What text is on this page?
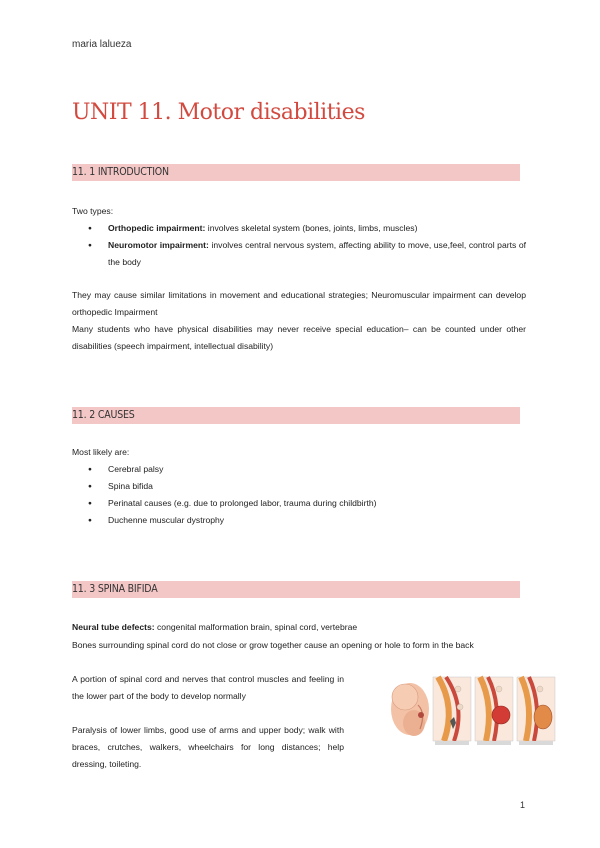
maria lalueza
UNIT 11. Motor disabilities
11. 1 INTRODUCTION
Two types:
● Orthopedic impairment: involves skeletal system (bones, joints, limbs, muscles)
● Neuromotor impairment: involves central nervous system, affecting ability to move, use,feel, control parts of the body
They may cause similar limitations in movement and educational strategies; Neuromuscular impairment can develop orthopedic Impairment
Many students who have physical disabilities may never receive special education– can be counted under other disabilities (speech impairment, intellectual disability)
11. 2 CAUSES
Most likely are:
● Cerebral palsy
● Spina bifida
● Perinatal causes (e.g. due to prolonged labor, trauma during childbirth)
● Duchenne muscular dystrophy
11. 3 SPINA BIFIDA
Neural tube defects: congenital malformation brain, spinal cord, vertebrae
Bones surrounding spinal cord do not close or grow together cause an opening or hole to form in the back
A portion of spinal cord and nerves that control muscles and feeling in the lower part of the body to develop normally
Paralysis of lower limbs, good use of arms and upper body; walk with braces, crutches, walkers, wheelchairs for long distances; help dressing, toileting.
1
